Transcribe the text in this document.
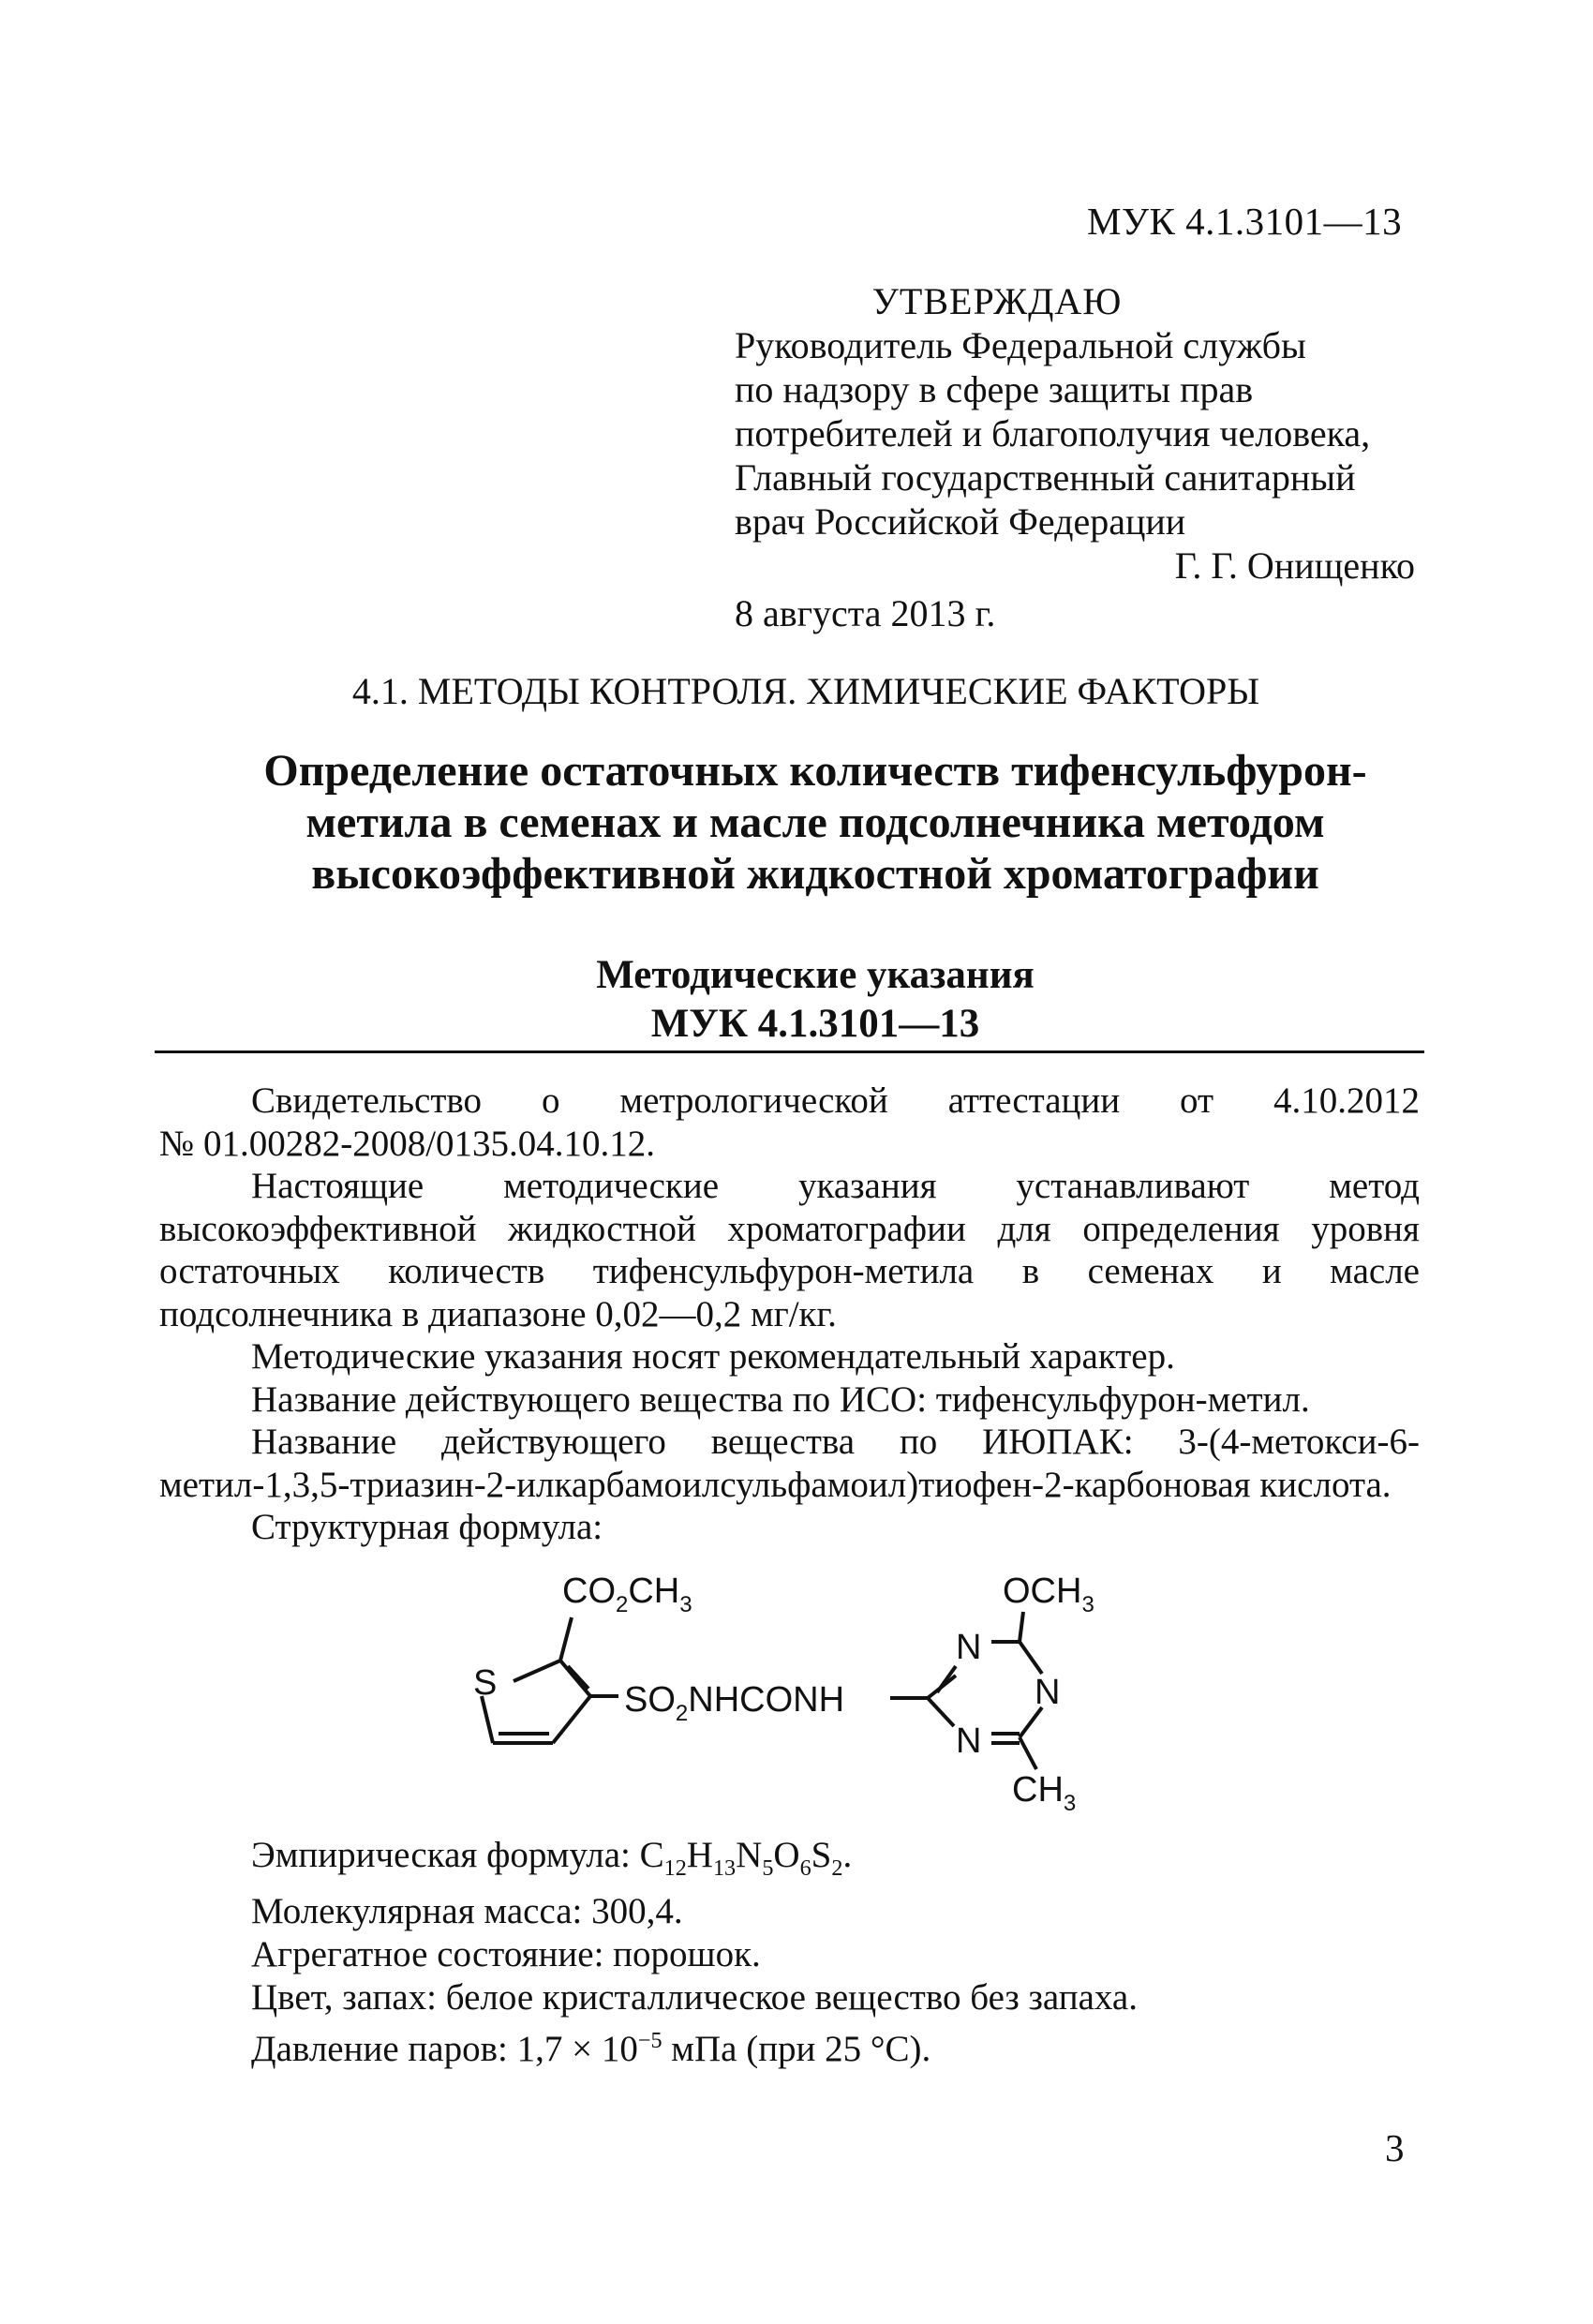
МУК 4.1.3101—13
УТВЕРЖДАЮ
Руководитель Федеральной службы
по надзору в сфере защиты прав
потребителей и благополучия человека,
Главный государственный санитарный
врач Российской Федерации
Г. Г. Онищенко
8 августа 2013 г.
4.1. МЕТОДЫ КОНТРОЛЯ. ХИМИЧЕСКИЕ ФАКТОРЫ
Определение остаточных количеств тифенсульфурон-
метила в семенах и масле подсолнечника методом
высокоэффективной жидкостной хроматографии
Методические указания
МУК 4.1.3101—13

Свидетельство о метрологической аттестации от 4.10.2012

№ 01.00282-2008/0135.04.10.12.

Настоящие методические указания устанавливают метод высокоэффективной жидкостной хроматографии для определения уровня остаточных количеств тифенсульфурон-метила в семенах и масле подсолнечника в диапазоне 0,02—0,2 мг/кг.

Методические указания носят рекомендательный характер.

Название действующего вещества по ИСО: тифенсульфурон-метил.

Название действующего вещества по ИЮПАК: 3-(4-метокси-6-метил-1,3,5-триазин-2-илкарбамоилсульфамоил)тиофен-2-карбоновая кислота.

Структурная формула:

$CO_2CH_3$
S	$SO_2NHCONH$
N
N
N
$OCH_3$
$CH_3$

Эмпирическая формула: $C_{12}H_{13}N_5O_6S_2$.

Молекулярная масса: 300,4.

Агрегатное состояние: порошок.

Цвет, запах: белое кристаллическое вещество без запаха.

Давление паров: $1,7 \times 10^{-5}$ мПа (при 25 °С).

3
